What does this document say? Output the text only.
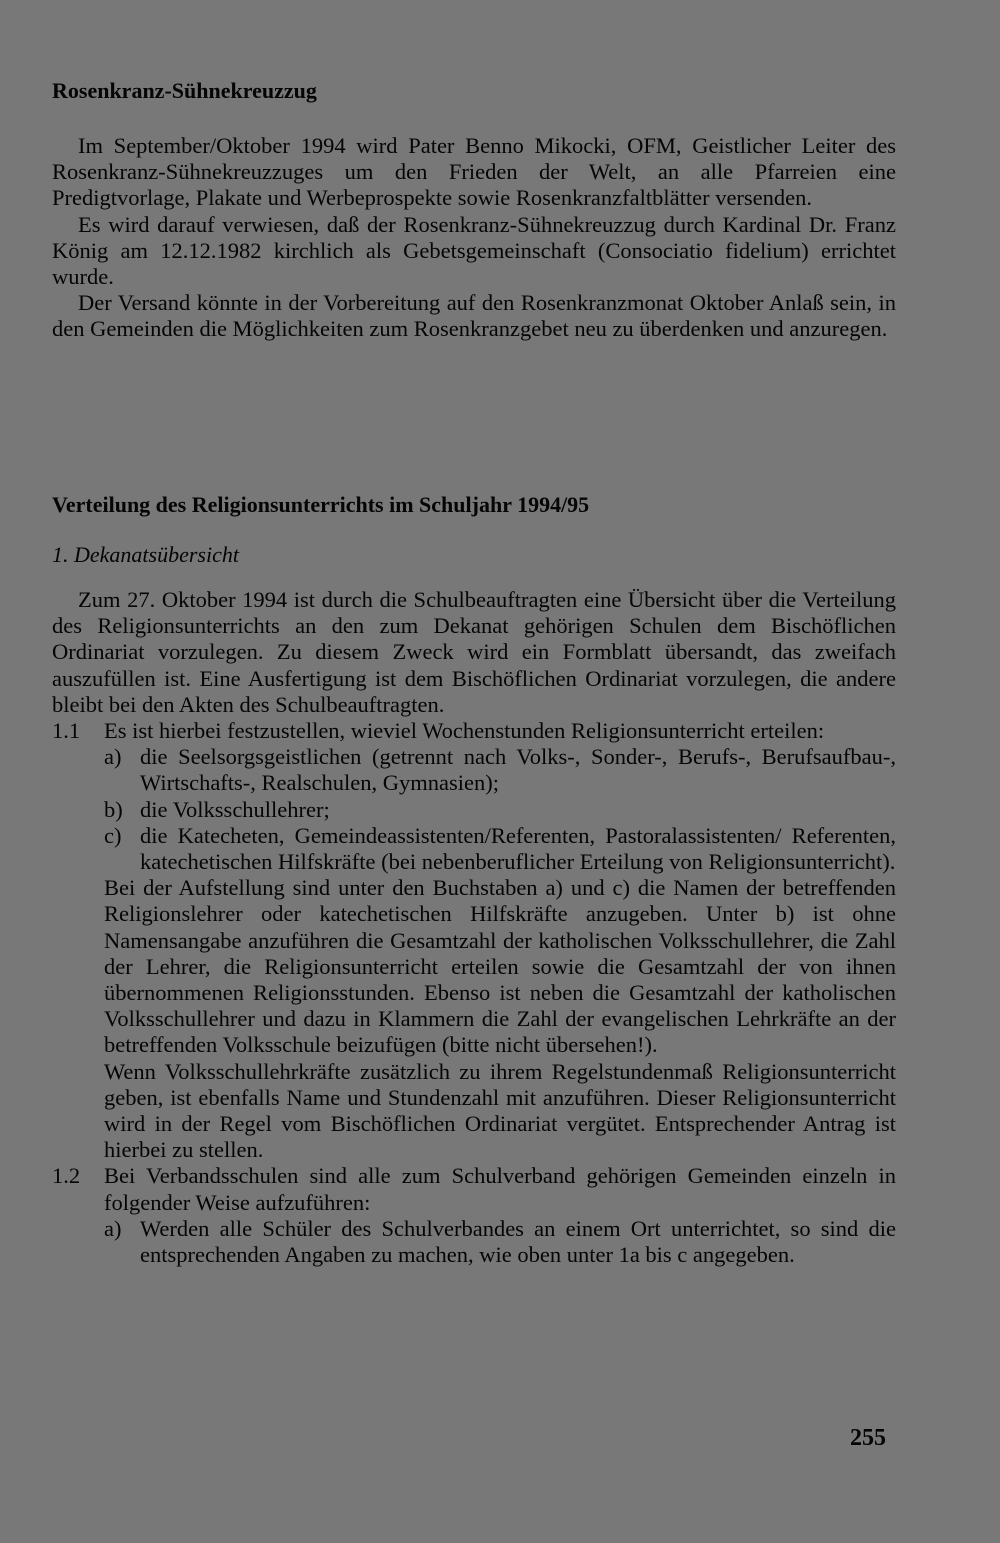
Rosenkranz-Sühnekreuzzug

Im September/Oktober 1994 wird Pater Benno Mikocki, OFM, Geistlicher Leiter des Rosenkranz-Sühnekreuzzuges um den Frieden der Welt, an alle Pfarreien eine Predigtvorlage, Plakate und Werbeprospekte sowie Rosenkranzfaltblätter versenden.

Es wird darauf verwiesen, daß der Rosenkranz-Sühnekreuzzug durch Kardinal Dr. Franz König am 12.12.1982 kirchlich als Gebetsgemeinschaft (Consociatio fidelium) errichtet wurde.

Der Versand könnte in der Vorbereitung auf den Rosenkranzmonat Oktober Anlaß sein, in den Gemeinden die Möglichkeiten zum Rosenkranzgebet neu zu überdenken und anzuregen.

Verteilung des Religionsunterrichts im Schuljahr 1994/95
1. Dekanatsübersicht

Zum 27. Oktober 1994 ist durch die Schulbeauftragten eine Übersicht über die Verteilung des Religionsunterrichts an den zum Dekanat gehörigen Schulen dem Bischöflichen Ordinariat vorzulegen. Zu diesem Zweck wird ein Formblatt übersandt, das zweifach auszufüllen ist. Eine Ausfertigung ist dem Bischöflichen Ordinariat vorzulegen, die andere bleibt bei den Akten des Schulbeauftragten.

1.1 Es ist hierbei festzustellen, wieviel Wochenstunden Religionsunterricht erteilen:
a) die Seelsorgsgeistlichen (getrennt nach Volks-, Sonder-, Berufs-, Berufsaufbau-, Wirtschafts-, Realschulen, Gymnasien);
b) die Volksschullehrer;
c) die Katecheten, Gemeindeassistenten/Referenten, Pastoralassistenten/ Referenten, katechetischen Hilfskräfte (bei nebenberuflicher Erteilung von Religionsunterricht).
Bei der Aufstellung sind unter den Buchstaben a) und c) die Namen der betreffenden Religionslehrer oder katechetischen Hilfskräfte anzugeben. Unter b) ist ohne Namensangabe anzuführen die Gesamtzahl der katholischen Volksschullehrer, die Zahl der Lehrer, die Religionsunterricht erteilen sowie die Gesamtzahl der von ihnen übernommenen Religionsstunden. Ebenso ist neben die Gesamtzahl der katholischen Volksschullehrer und dazu in Klammern die Zahl der evangelischen Lehrkräfte an der betreffenden Volksschule beizufügen (bitte nicht übersehen!).
Wenn Volksschullehrkräfte zusätzlich zu ihrem Regelstundenmaß Religionsunterricht geben, ist ebenfalls Name und Stundenzahl mit anzuführen. Dieser Religionsunterricht wird in der Regel vom Bischöflichen Ordinariat vergütet. Entsprechender Antrag ist hierbei zu stellen.
1.2 Bei Verbandsschulen sind alle zum Schulverband gehörigen Gemeinden einzeln in folgender Weise aufzuführen:
a) Werden alle Schüler des Schulverbandes an einem Ort unterrichtet, so sind die entsprechenden Angaben zu machen, wie oben unter 1a bis c angegeben.
255
